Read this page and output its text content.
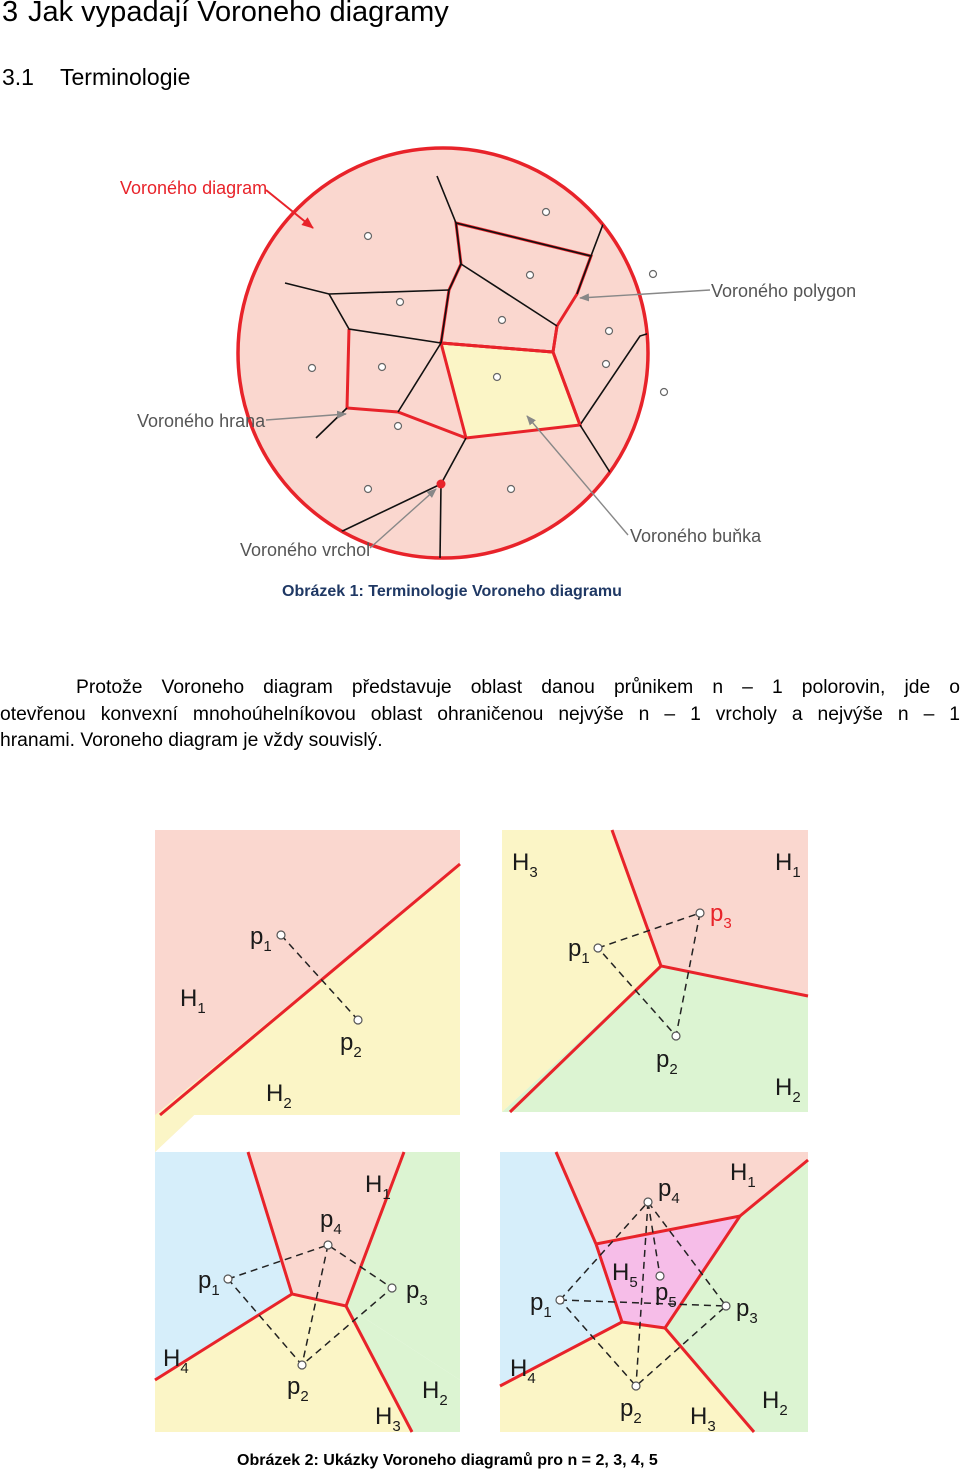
3 Jak vypadají Voroneho diagramy
3.1 Terminologie
Voroného diagram
Voroného polygon
Voroného hrana
Voroného vrchol
Voroného buňka
Obrázek 1: Terminologie Voroneho diagramu
Protože Voroneho diagram představuje oblast danou průnikem n – 1 polorovin, jde o
otevřenou konvexní mnohoúhelníkovou oblast ohraničenou nejvýše n – 1 vrcholy a nejvýše n – 1
hranami. Voroneho diagram je vždy souvislý.
$p_1$
$p_2$
$H_1$
$H_2$
$p_1$
$p_2$
$p_3$
$H_1$
$H_2$
$H_3$
$p_1$
$p_2$
$p_3$
$p_4$
$H_1$
$H_2$
$H_3$
$H_4$
$p_1$
$p_2$
$p_3$
$p_4$
$p_5$
$H_1$
$H_2$
$H_3$
$H_4$
$H_5$
Obrázek 2: Ukázky Voroneho diagramů pro n = 2, 3, 4, 5
